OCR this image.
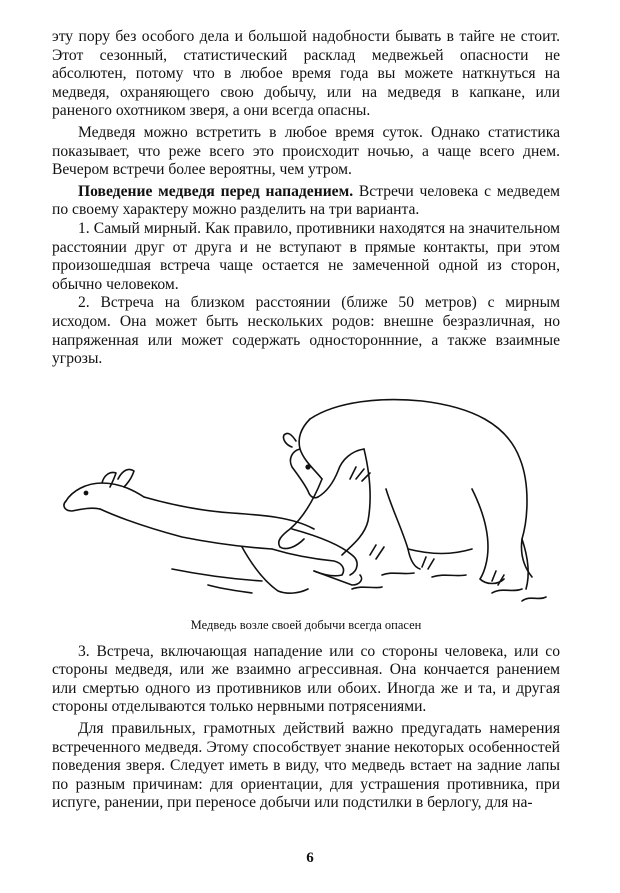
эту пору без особого дела и большой надобности бывать в тайге не стоит. Этот сезонный, статистический расклад медвежьей опасности не абсолютен, потому что в любое время года вы можете наткнуться на медведя, охраняющего свою добычу, или на медведя в капкане, или раненого охотником зверя, а они всегда опасны.

Медведя можно встретить в любое время суток. Однако статистика показывает, что реже всего это происходит ночью, а чаще всего днем. Вечером встречи более вероятны, чем утром.

Поведение медведя перед нападением. Встречи человека с медведем по своему характеру можно разделить на три варианта.

1. Самый мирный. Как правило, противники находятся на значительном расстоянии друг от друга и не вступают в прямые контакты, при этом произошедшая встреча чаще остается не замеченной одной из сторон, обычно человеком.

2. Встреча на близком расстоянии (ближе 50 метров) с мирным исходом. Она может быть нескольких родов: внешне безразличная, но напряженная или может содержать одностороннние, а также взаимные угрозы.

Медведь возле своей добычи всегда опасен

3. Встреча, включающая нападение или со стороны человека, или со стороны медведя, или же взаимно агрессивная. Она кончается ранением или смертью одного из противников или обоих. Иногда же и та, и другая стороны отделываются только нервными потрясениями.

Для правильных, грамотных действий важно предугадать намерения встреченного медведя. Этому способствует знание некоторых особенностей поведения зверя. Следует иметь в виду, что медведь встает на задние лапы по разным причинам: для ориентации, для устрашения противника, при испуге, ранении, при переносе добычи или подстилки в берлогу, для на-

6
